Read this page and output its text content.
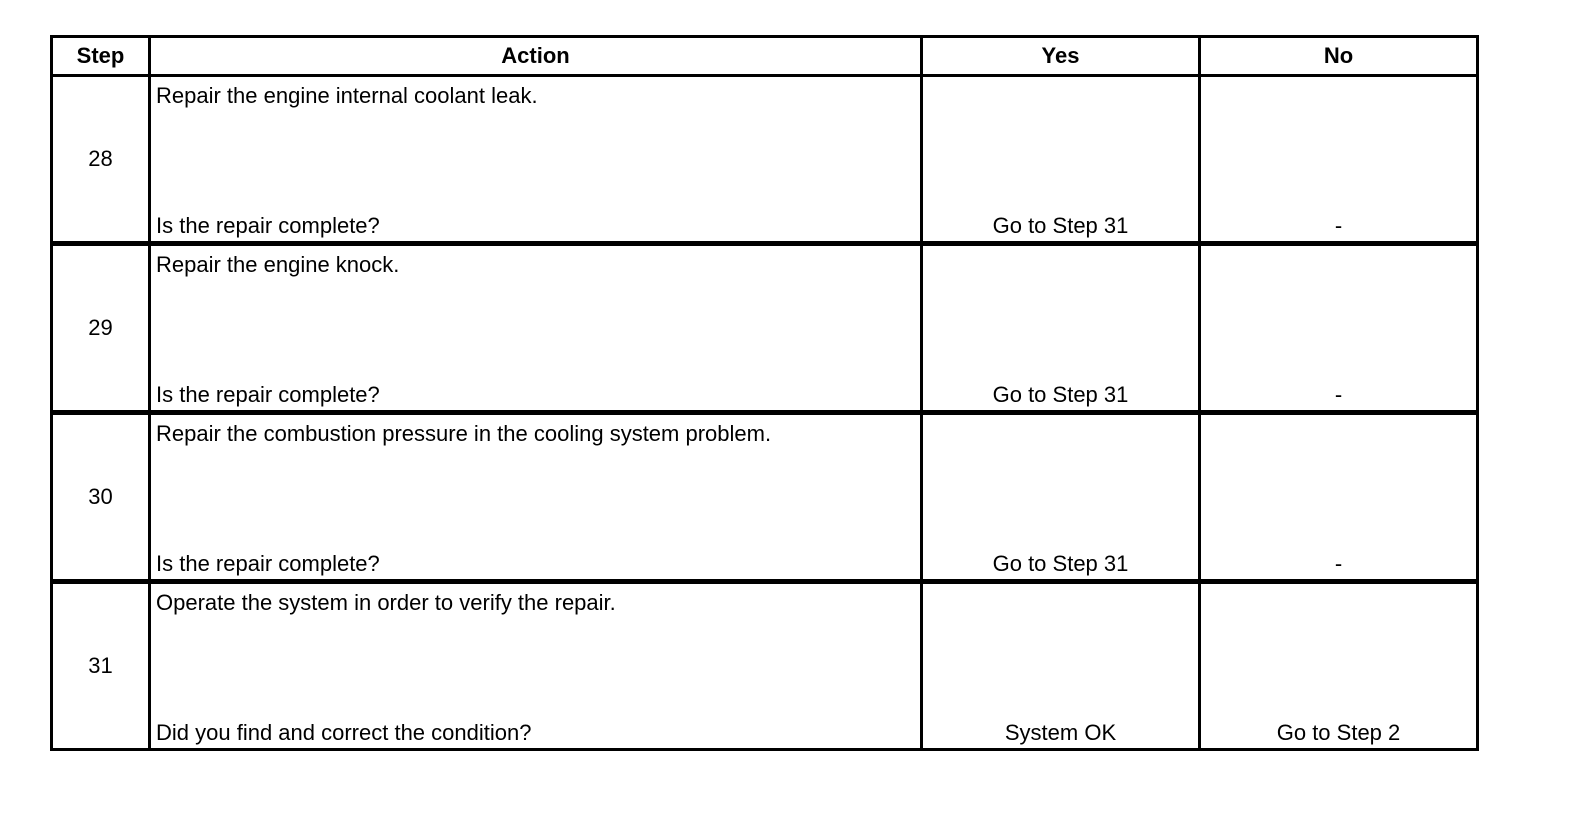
Step	Action	Yes	No
28	Repair the engine internal coolant leak.
Is the repair complete?	Go to Step 31	-

29	Repair the engine knock.
Is the repair complete?	Go to Step 31	-

30	Repair the combustion pressure in the cooling system problem.
Is the repair complete?	Go to Step 31	-

31	Operate the system in order to verify the repair.
Did you find and correct the condition?	System OK	Go to Step 2
